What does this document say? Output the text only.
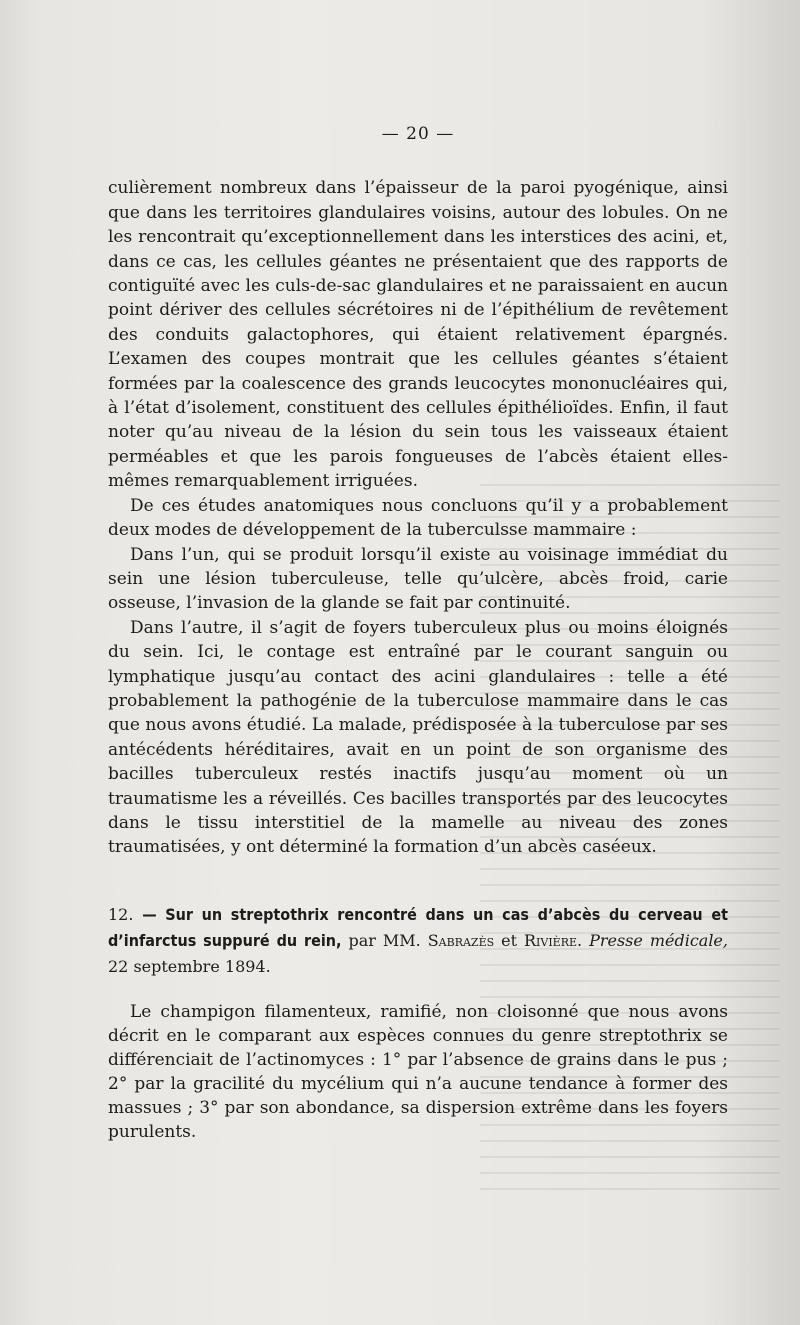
— 20 —

culièrement nombreux dans l’épaisseur de la paroi pyogénique, ainsi que dans les territoires glandulaires voisins, autour des lobules. On ne les rencontrait qu’exceptionnellement dans les interstices des acini, et, dans ce cas, les cellules géantes ne présentaient que des rapports de contiguïté avec les culs-de-sac glandulaires et ne paraissaient en aucun point dériver des cellules sécrétoires ni de l’épithélium de revêtement des conduits galactophores, qui étaient relativement épargnés. L’examen des coupes montrait que les cellules géantes s’étaient formées par la coalescence des grands leucocytes mononucléaires qui, à l’état d’isolement, constituent des cellules épithélioïdes. Enfin, il faut noter qu’au niveau de la lésion du sein tous les vaisseaux étaient perméables et que les parois fongueuses de l’abcès étaient elles-mêmes remarquablement irriguées.

De ces études anatomiques nous concluons qu’il y a probablement deux modes de développement de la tuberculsse mammaire :

Dans l’un, qui se produit lorsqu’il existe au voisinage immédiat du sein une lésion tuberculeuse, telle qu’ulcère, abcès froid, carie osseuse, l’invasion de la glande se fait par continuité.

Dans l’autre, il s’agit de foyers tuberculeux plus ou moins éloignés du sein. Ici, le contage est entraîné par le courant sanguin ou lymphatique jusqu’au contact des acini glandulaires : telle a été probablement la pathogénie de la tuberculose mammaire dans le cas que nous avons étudié. La malade, prédisposée à la tuberculose par ses antécédents héréditaires, avait en un point de son organisme des bacilles tuberculeux restés inactifs jusqu’au moment où un traumatisme les a réveillés. Ces bacilles transportés par des leucocytes dans le tissu interstitiel de la mamelle au niveau des zones traumatisées, y ont déterminé la formation d’un abcès caséeux.

12. — Sur un streptothrix rencontré dans un cas d’abcès du cerveau et d’infarctus suppuré du rein, par MM. Sabrazès et Rivière. Presse médicale, 22 septembre 1894.

Le champigon filamenteux, ramifié, non cloisonné que nous avons décrit en le comparant aux espèces connues du genre streptothrix se différenciait de l’actinomyces : 1° par l’absence de grains dans le pus ; 2° par la gracilité du mycélium qui n’a aucune tendance à former des massues ; 3° par son abondance, sa dispersion extrême dans les foyers purulents.
